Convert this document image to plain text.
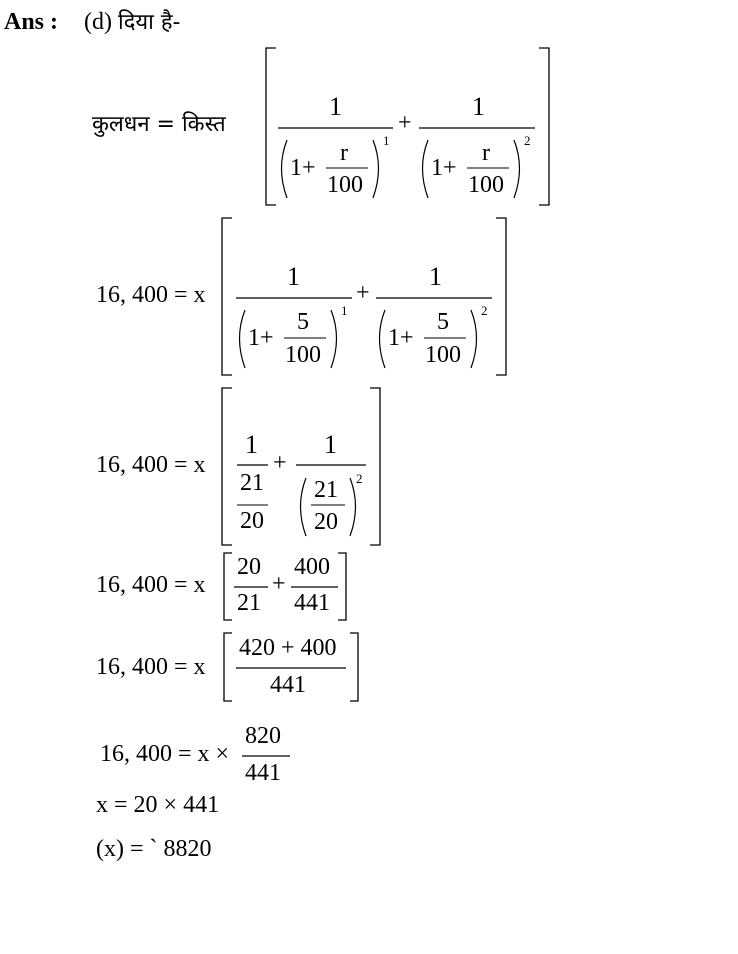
Ans : (d) दिया है-
कुलधन = किस्त
1
1+
r
100
1
+
1
1+
r
100
2
16, 400 = x
1
1+
5
100
1
+
1
1+
5
100
2
16, 400 = x
1
21
20
+
1
21
20
2
16, 400 = x
20
21
+
400
441
16, 400 = x
420 + 400
441
16, 400 = x ×
820
441
x = 20 × 441
(x) = ` 8820
